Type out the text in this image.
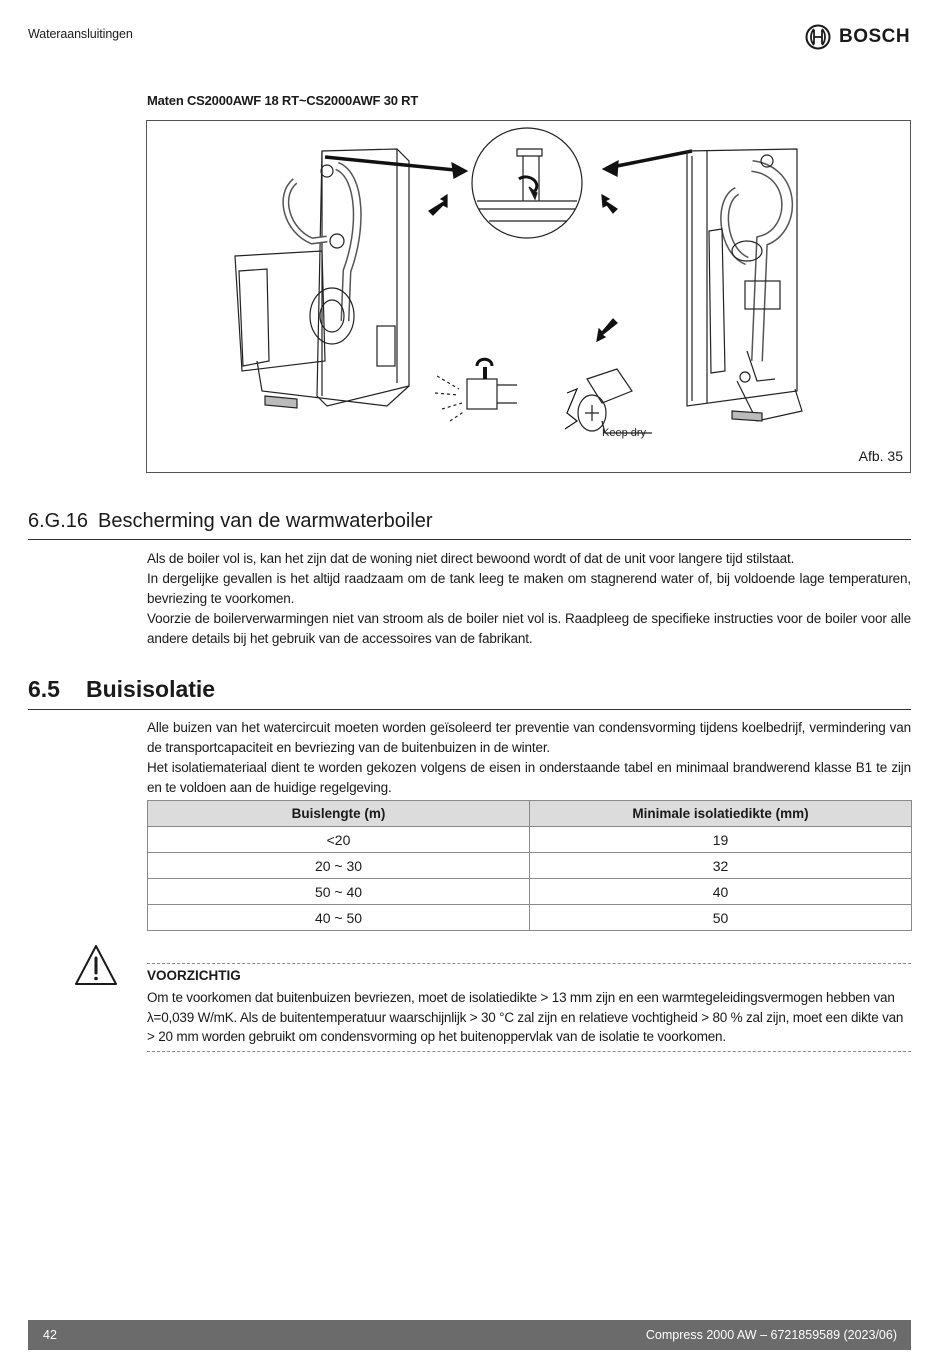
Wateraansluitingen	BOSCH
Maten CS2000AWF 18 RT~CS2000AWF 30 RT
Keep dry
Afb. 35
6.G.16 Bescherming van de warmwaterboiler
Als de boiler vol is, kan het zijn dat de woning niet direct bewoond wordt of dat de unit voor langere tijd stilstaat.
In dergelijke gevallen is het altijd raadzaam om de tank leeg te maken om stagnerend water of, bij voldoende lage temperaturen, bevriezing te voorkomen.
Voorzie de boilerverwarmingen niet van stroom als de boiler niet vol is. Raadpleeg de specifieke instructies voor de boiler voor alle andere details bij het gebruik van de accessoires van de fabrikant.
6.5	Buisisolatie
Alle buizen van het watercircuit moeten worden geïsoleerd ter preventie van condensvorming tijdens koelbedrijf, vermindering van de transportcapaciteit en bevriezing van de buitenbuizen in de winter.
Het isolatiemateriaal dient te worden gekozen volgens de eisen in onderstaande tabel en minimaal brandwerend klasse B1 te zijn en te voldoen aan de huidige regelgeving.
Buislengte (m)	Minimale isolatiedikte (mm)
<20	19
20 ~ 30	32
50 ~ 40	40
40 ~ 50	50
VOORZICHTIG
Om te voorkomen dat buitenbuizen bevriezen, moet de isolatiedikte > 13 mm zijn en een warmtegeleidingsvermogen hebben van λ=0,039 W/mK. Als de buitentemperatuur waarschijnlijk > 30 °C zal zijn en relatieve vochtigheid > 80 % zal zijn, moet een dikte van > 20 mm worden gebruikt om condensvorming op het buitenoppervlak van de isolatie te voorkomen.
42	Compress 2000 AW – 6721859589 (2023/06)
